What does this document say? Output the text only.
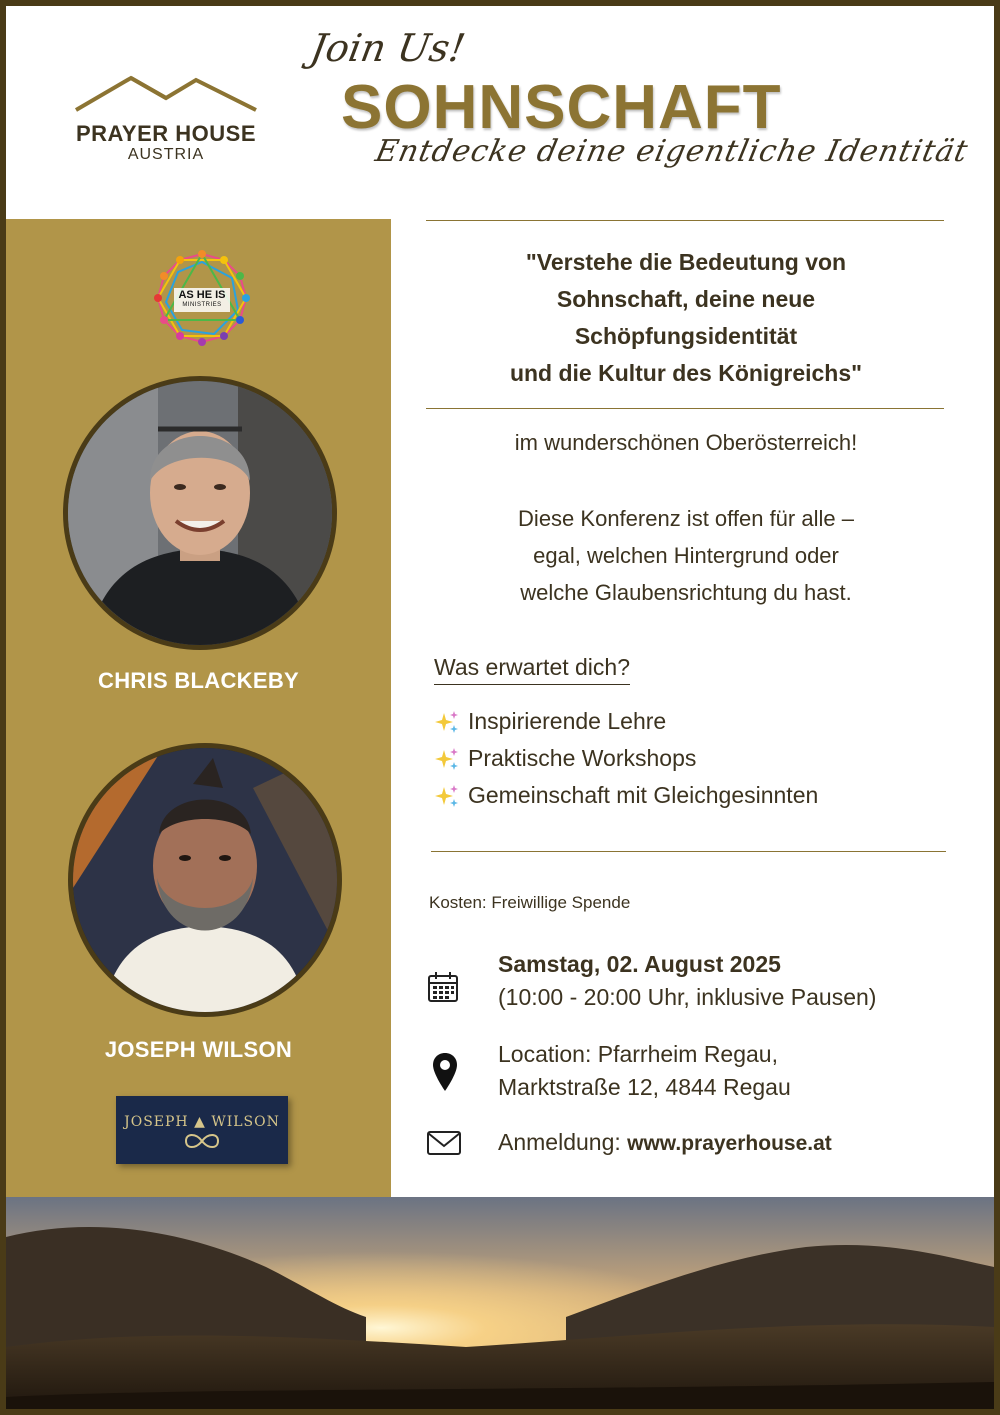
PRAYER HOUSE
AUSTRIA
Join Us!
SOHNSCHAFT
Entdecke deine eigentliche Identität
AS HE IS
MINISTRIES
CHRIS BLACKEBY
JOSEPH WILSON
JOSEPH ▲ WILSON
"Verstehe die Bedeutung von
Sohnschaft, deine neue
Schöpfungsidentität
und die Kultur des Königreichs"
im wunderschönen Oberösterreich!
Diese Konferenz ist offen für alle –
egal, welchen Hintergrund oder
welche Glaubensrichtung du hast.
Was erwartet dich?
Inspirierende Lehre
Praktische Workshops
Gemeinschaft mit Gleichgesinnten
Kosten: Freiwillige Spende
Samstag, 02. August 2025
(10:00 - 20:00 Uhr, inklusive Pausen)
Location: Pfarrheim Regau,
Marktstraße 12, 4844 Regau
Anmeldung: www.prayerhouse.at
